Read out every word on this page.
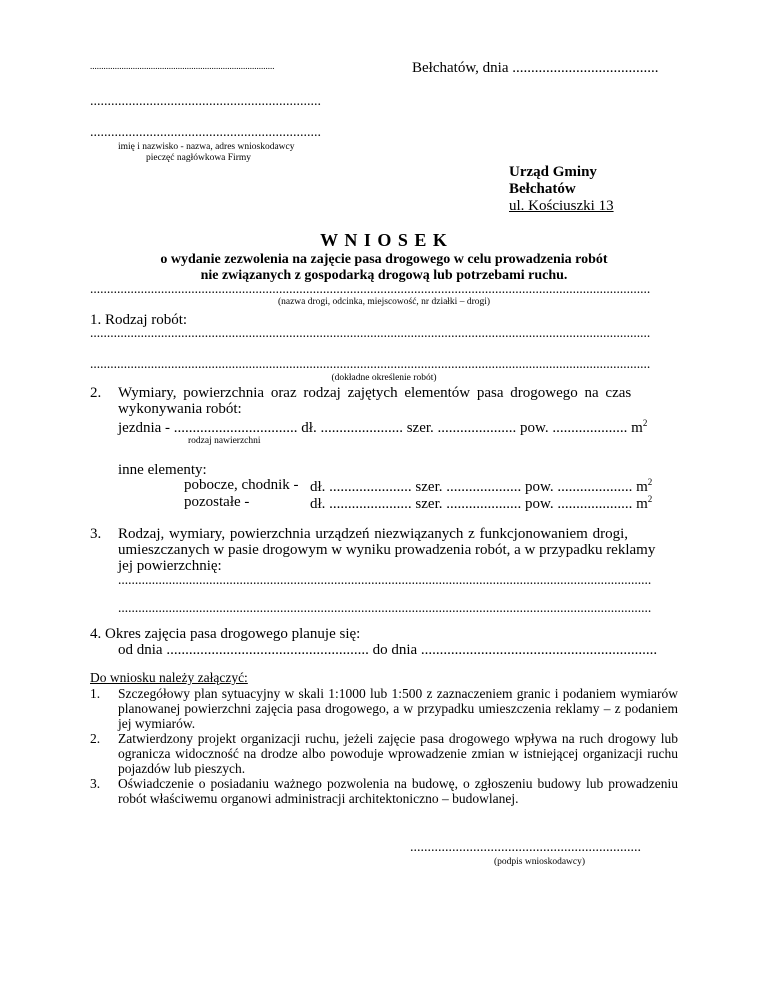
..................................................................................	Bełchatów, dnia .......................................
..................................................................
..................................................................
imię i nazwisko - nazwa, adres wnioskodawcy
pieczęć nagłówkowa Firmy
Urząd Gminy
Bełchatów
ul. Kościuszki 13
W N I O S E K
o wydanie zezwolenia na zajęcie pasa drogowego w celu prowadzenia robót
nie związanych z gospodarką drogową lub potrzebami ruchu.
......................................................................................................................................................................
(nazwa drogi, odcinka, miejscowość, nr działki – drogi)
1. Rodzaj robót:
......................................................................................................................................................................
......................................................................................................................................................................
(dokładne określenie robót)
2. Wymiary, powierzchnia oraz rodzaj zajętych elementów pasa drogowego na czas
wykonywania robót:
jezdnia - ................................. dł. ...................... szer. ..................... pow. .................... $m^2$
rodzaj nawierzchni
inne elementy:
pobocze, chodnik - dł. ...................... szer. .................... pow. .................... $m^2$
pozostałe -	dł. ...................... szer. .................... pow. .................... $m^2$
3. Rodzaj, wymiary, powierzchnia urządzeń niezwiązanych z funkcjonowaniem drogi,
umieszczanych w pasie drogowym w wyniku prowadzenia robót, a w przypadku reklamy
jej powierzchnię:
..............................................................................................................................................................
..............................................................................................................................................................
4. Okres zajęcia pasa drogowego planuje się:
od dnia ...................................................... do dnia ...............................................................
Do wniosku należy załączyć:
1. Szczegółowy plan sytuacyjny w skali 1:1000 lub 1:500 z zaznaczeniem granic i podaniem wymiarów planowanej powierzchni zajęcia pasa drogowego, a w przypadku umieszczenia reklamy – z podaniem jej wymiarów.
2. Zatwierdzony projekt organizacji ruchu, jeżeli zajęcie pasa drogowego wpływa na ruch drogowy lub ogranicza widoczność na drodze albo powoduje wprowadzenie zmian w istniejącej organizacji ruchu pojazdów lub pieszych.
3. Oświadczenie o posiadaniu ważnego pozwolenia na budowę, o zgłoszeniu budowy lub prowadzeniu robót właściwemu organowi administracji architektoniczno – budowlanej.
..................................................................
(podpis wnioskodawcy)
